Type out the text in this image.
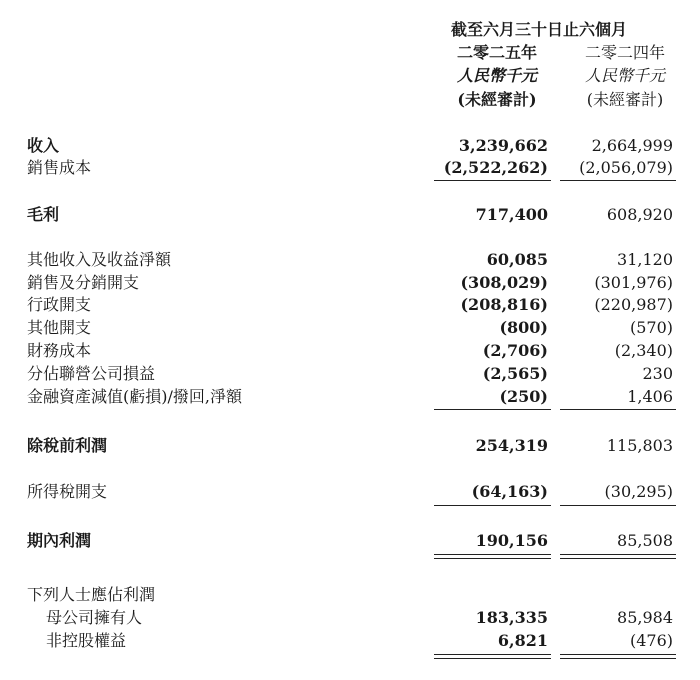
截至六月三十日止六個月
二零二五年	二零二四年
人民幣千元	人民幣千元
(未經審計)	(未經審計)
收入	3,239,662	2,664,999
銷售成本	(2,522,262) (2,056,079)
毛利	717,400	608,920
其他收入及收益淨額	60,085	31,120
銷售及分銷開支	(308,029)	(301,976)
行政開支	(208,816)	(220,987)
其他開支	(800)	(570)
財務成本	(2,706)	(2,340)
分佔聯營公司損益	(2,565)	230
金融資產減值(虧損)/撥回,淨額	(250)	1,406
除稅前利潤	254,319	115,803
所得稅開支	(64,163)	(30,295)
期內利潤	190,156	85,508
下列人士應佔利潤
母公司擁有人	183,335	85,984
非控股權益	6,821	(476)
